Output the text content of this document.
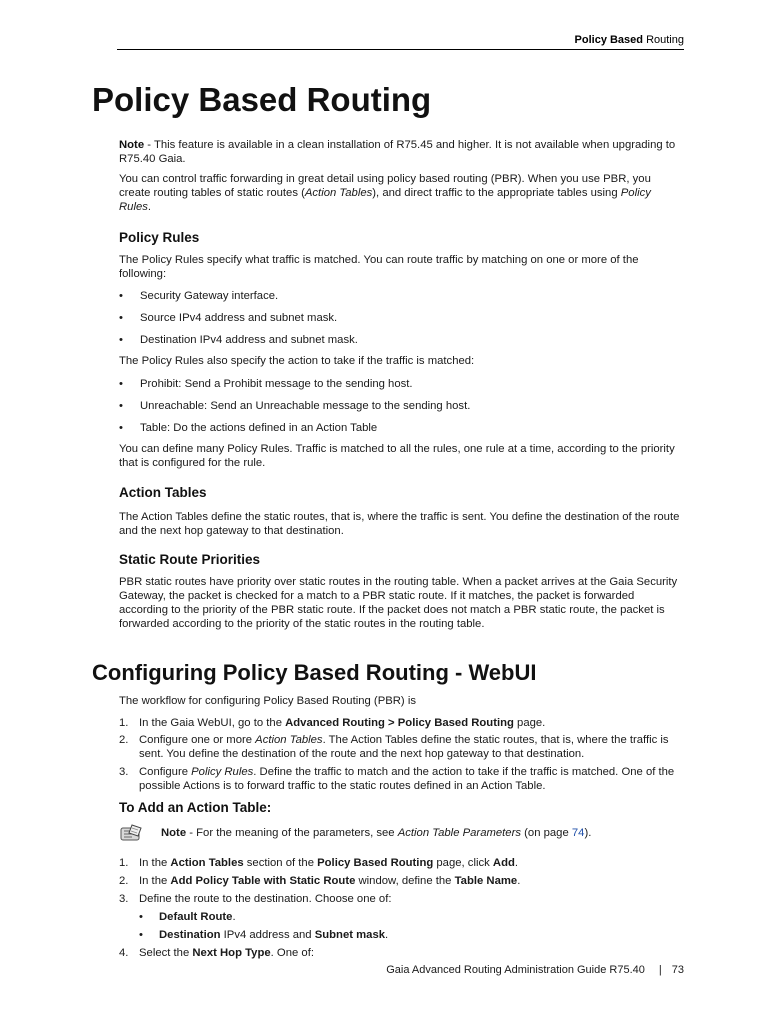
Policy Based Routing
Policy Based Routing

Note - This feature is available in a clean installation of R75.45 and higher. It is not available when upgrading to R75.40 Gaia.

You can control traffic forwarding in great detail using policy based routing (PBR). When you use PBR, you create routing tables of static routes (Action Tables), and direct traffic to the appropriate tables using Policy Rules.

Policy Rules

The Policy Rules specify what traffic is matched. You can route traffic by matching on one or more of the following:

• Security Gateway interface.
• Source IPv4 address and subnet mask.
• Destination IPv4 address and subnet mask.

The Policy Rules also specify the action to take if the traffic is matched:

• Prohibit: Send a Prohibit message to the sending host.
• Unreachable: Send an Unreachable message to the sending host.
• Table: Do the actions defined in an Action Table

You can define many Policy Rules. Traffic is matched to all the rules, one rule at a time, according to the priority that is configured for the rule.

Action Tables

The Action Tables define the static routes, that is, where the traffic is sent. You define the destination of the route and the next hop gateway to that destination.

Static Route Priorities

PBR static routes have priority over static routes in the routing table. When a packet arrives at the Gaia Security Gateway, the packet is checked for a match to a PBR static route. If it matches, the packet is forwarded according to the priority of the PBR static route. If the packet does not match a PBR static route, the packet is forwarded according to the priority of the static routes in the routing table.

Configuring Policy Based Routing - WebUI

The workflow for configuring Policy Based Routing (PBR) is

1. In the Gaia WebUI, go to the Advanced Routing > Policy Based Routing page.
2. Configure one or more Action Tables. The Action Tables define the static routes, that is, where the traffic is sent. You define the destination of the route and the next hop gateway to that destination.
3. Configure Policy Rules. Define the traffic to match and the action to take if the traffic is matched. One of the possible Actions is to forward traffic to the static routes defined in an Action Table.
To Add an Action Table:
Note - For the meaning of the parameters, see Action Table Parameters (on page 74).
1. In the Action Tables section of the Policy Based Routing page, click Add.
2. In the Add Policy Table with Static Route window, define the Table Name.
3. Define the route to the destination. Choose one of:
• Default Route.
• Destination IPv4 address and Subnet mask.
4. Select the Next Hop Type. One of:
Gaia Advanced Routing Administration Guide R75.40 | 73
